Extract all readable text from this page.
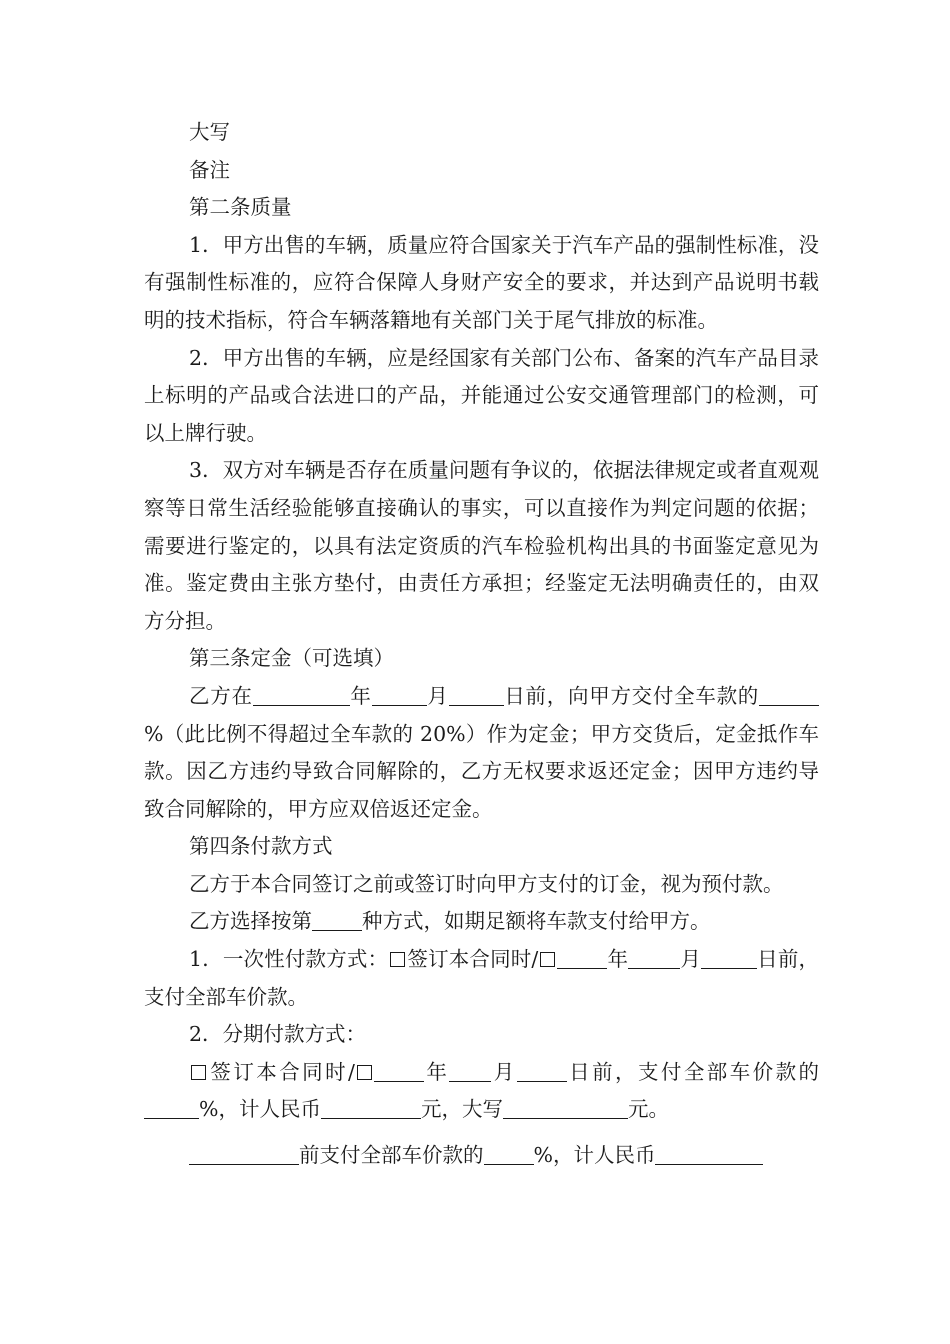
大写

备注

第二条质量

1．甲方出售的车辆，质量应符合国家关于汽车产品的强制性标准，没有强制性标准的，应符合保障人身财产安全的要求，并达到产品说明书载明的技术指标，符合车辆落籍地有关部门关于尾气排放的标准。

2．甲方出售的车辆，应是经国家有关部门公布、备案的汽车产品目录上标明的产品或合法进口的产品，并能通过公安交通管理部门的检测，可以上牌行驶。

3．双方对车辆是否存在质量问题有争议的，依据法律规定或者直观观察等日常生活经验能够直接确认的事实，可以直接作为判定问题的依据；需要进行鉴定的，以具有法定资质的汽车检验机构出具的书面鉴定意见为准。鉴定费由主张方垫付，由责任方承担；经鉴定无法明确责任的，由双方分担。

第三条定金（可选填）

乙方在	年	月	日前，向甲方交付全车款的%（此比例不得超过全车款的 20%）作为定金；甲方交货后，定金抵作车款。因乙方违约导致合同解除的，乙方无权要求返还定金；因甲方违约导致合同解除的，甲方应双倍返还定金。

第四条付款方式

乙方于本合同签订之前或签订时向甲方支付的订金，视为预付款。

乙方选择按第 种方式，如期足额将车款支付给甲方。

1．一次性付款方式： 签订本合同时/	年	月	日前，支付全部车价款。

2．分期付款方式：

签订本合同时/	年 月 日前，支付全部车价款的%，计人民币	元，大写	元。

前支付全部车价款的 %，计人民币
